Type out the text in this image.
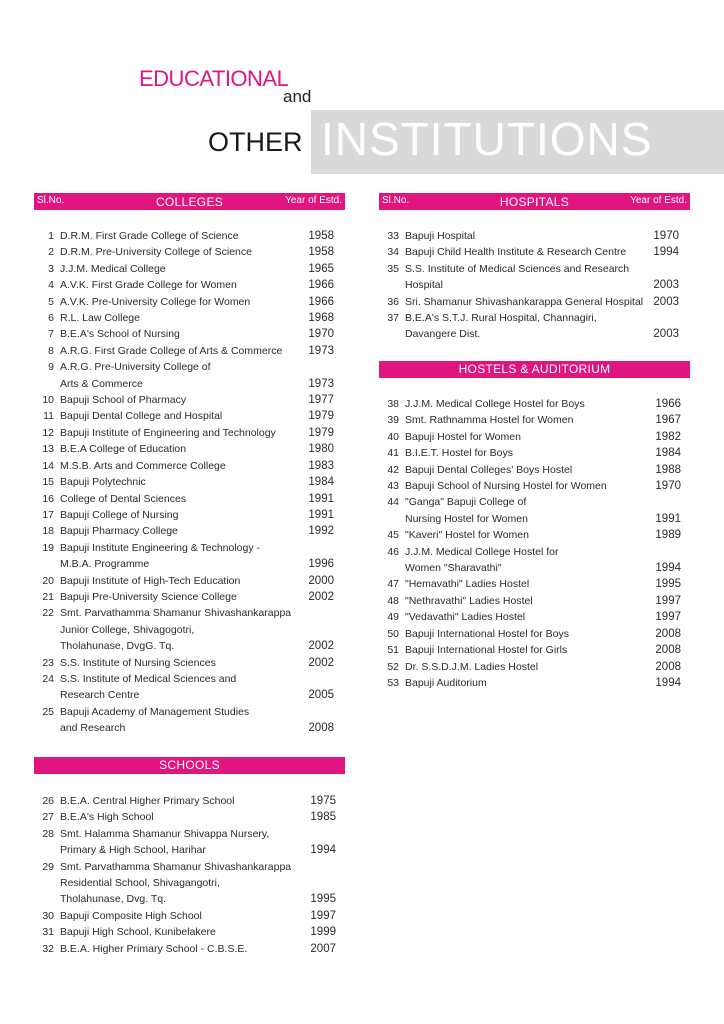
EDUCATIONAL
and
OTHER INSTITUTIONS
Sl.No.	COLLEGES	Year of Estd.
1 D.R.M. First Grade College of Science	1958
2 D.R.M. Pre-University College of Science	1958
3 J.J.M. Medical College	1965
4 A.V.K. First Grade College for Women	1966
5 A.V.K. Pre-University College for Women	1966
6 R.L. Law College	1968
7 B.E.A's School of Nursing	1970
8 A.R.G. First Grade College of Arts & Commerce	1973
9 A.R.G. Pre-University College of
Arts & Commerce	1973
10 Bapuji School of Pharmacy	1977
11 Bapuji Dental College and Hospital	1979
12 Bapuji Institute of Engineering and Technology	1979
13 B.E.A College of Education	1980
14 M.S.B. Arts and Commerce College	1983
15 Bapuji Polytechnic	1984
16 College of Dental Sciences	1991
17 Bapuji College of Nursing	1991
18 Bapuji Pharmacy College	1992
19 Bapuji Institute Engineering & Technology -
M.B.A. Programme	1996
20 Bapuji Institute of High-Tech Education	2000
21 Bapuji Pre-University Science College	2002
22 Smt. Parvathamma Shamanur Shivashankarappa
Junior College, Shivagogotri,
Tholahunase, DvgG. Tq.	2002
23 S.S. Institute of Nursing Sciences	2002
24 S.S. Institute of Medical Sciences and
Research Centre	2005
25 Bapuji Academy of Management Studies
and Research	2008
SCHOOLS
26 B.E.A. Central Higher Primary School	1975
27 B.E.A's High School	1985
28 Smt. Halamma Shamanur Shivappa Nursery,
Primary & High School, Harihar	1994
29 Smt. Parvathamma Shamanur Shivashankarappa
Residential School, Shivagangotri,
Tholahunase, Dvg. Tq.	1995
30 Bapuji Composite High School	1997
31 Bapuji High School, Kunibelakere	1999
32 B.E.A. Higher Primary School - C.B.S.E.	2007
Sl.No.	HOSPITALS	Year of Estd.
33 Bapuji Hospital	1970
34 Bapuji Child Health Institute & Research Centre	1994
35 S.S. Institute of Medical Sciences and Research
Hospital	2003
36 Sri. Shamanur Shivashankarappa General Hospital 2003
37 B.E.A's S.T.J. Rural Hospital, Channagiri,
Davangere Dist.	2003
HOSTELS & AUDITORIUM
38 J.J.M. Medical College Hostel for Boys	1966
39 Smt. Rathnamma Hostel for Women	1967
40 Bapuji Hostel for Women	1982
41 B.I.E.T. Hostel for Boys	1984
42 Bapuji Dental Colleges' Boys Hostel	1988
43 Bapuji School of Nursing Hostel for Women	1970
44 "Ganga" Bapuji College of
Nursing Hostel for Women	1991
45 "Kaveri" Hostel for Women	1989
46 J.J.M. Medical College Hostel for
Women "Sharavathi"	1994
47 "Hemavathi" Ladies Hostel	1995
48 "Nethravathi" Ladies Hostel	1997
49 "Vedavathi" Ladies Hostel	1997
50 Bapuji International Hostel for Boys	2008
51 Bapuji International Hostel for Girls	2008
52 Dr. S.S.D.J.M. Ladies Hostel	2008
53 Bapuji Auditorium	1994
